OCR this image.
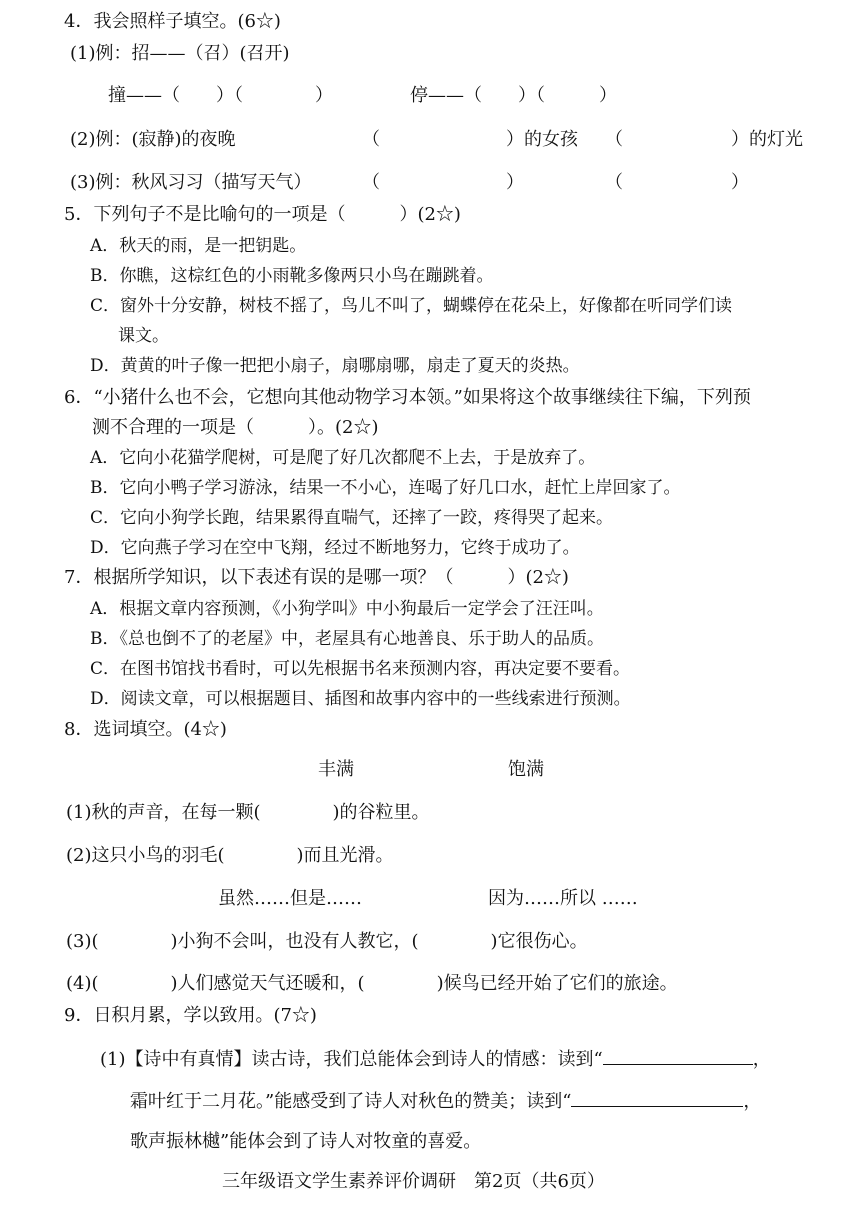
4．我会照样子填空。(6☆)
(1)例：招——（召）(召开)
撞——（　　）（　　　　）	停——（　　）（　　　）
(2)例：(寂静)的夜晚	（　　　　　　　）的女孩 （　　　　　　）的灯光
(3)例：秋风习习（描写天气）	（　　　　　　　）	（　　　　　　）
5．下列句子不是比喻句的一项是（　　　）(2☆)
A．秋天的雨，是一把钥匙。
B．你瞧，这棕红色的小雨靴多像两只小鸟在蹦跳着。
C．窗外十分安静，树枝不摇了，鸟儿不叫了，蝴蝶停在花朵上，好像都在听同学们读
课文。
D．黄黄的叶子像一把把小扇子，扇哪扇哪，扇走了夏天的炎热。
6．“小猪什么也不会，它想向其他动物学习本领。”如果将这个故事继续往下编，下列预
测不合理的一项是（　　　）。(2☆)
A．它向小花猫学爬树，可是爬了好几次都爬不上去，于是放弃了。
B．它向小鸭子学习游泳，结果一不小心，连喝了好几口水，赶忙上岸回家了。
C．它向小狗学长跑，结果累得直喘气，还摔了一跤，疼得哭了起来。
D．它向燕子学习在空中飞翔，经过不断地努力，它终于成功了。
7．根据所学知识，以下表述有误的是哪一项？（　　　）(2☆)
A．根据文章内容预测，《小狗学叫》中小狗最后一定学会了汪汪叫。
B．《总也倒不了的老屋》中，老屋具有心地善良、乐于助人的品质。
C．在图书馆找书看时，可以先根据书名来预测内容，再决定要不要看。
D．阅读文章，可以根据题目、插图和故事内容中的一些线索进行预测。
8．选词填空。(4☆)
丰满	饱满
(1)秋的声音，在每一颗(　　　　)的谷粒里。
(2)这只小鸟的羽毛(　　　　)而且光滑。
虽然……但是……	因为……所以 ……
(3)(　　　　)小狗不会叫，也没有人教它，(　　　　)它很伤心。
(4)(　　　　)人们感觉天气还暖和，(　　　　)候鸟已经开始了它们的旅途。
9．日积月累，学以致用。(7☆)
(1)【诗中有真情】读古诗，我们总能体会到诗人的情感：读到“	，
霜叶红于二月花。”能感受到了诗人对秋色的赞美；读到“	，
歌声振林樾”能体会到了诗人对牧童的喜爱。
三年级语文学生素养评价调研　第2页（共6页）
